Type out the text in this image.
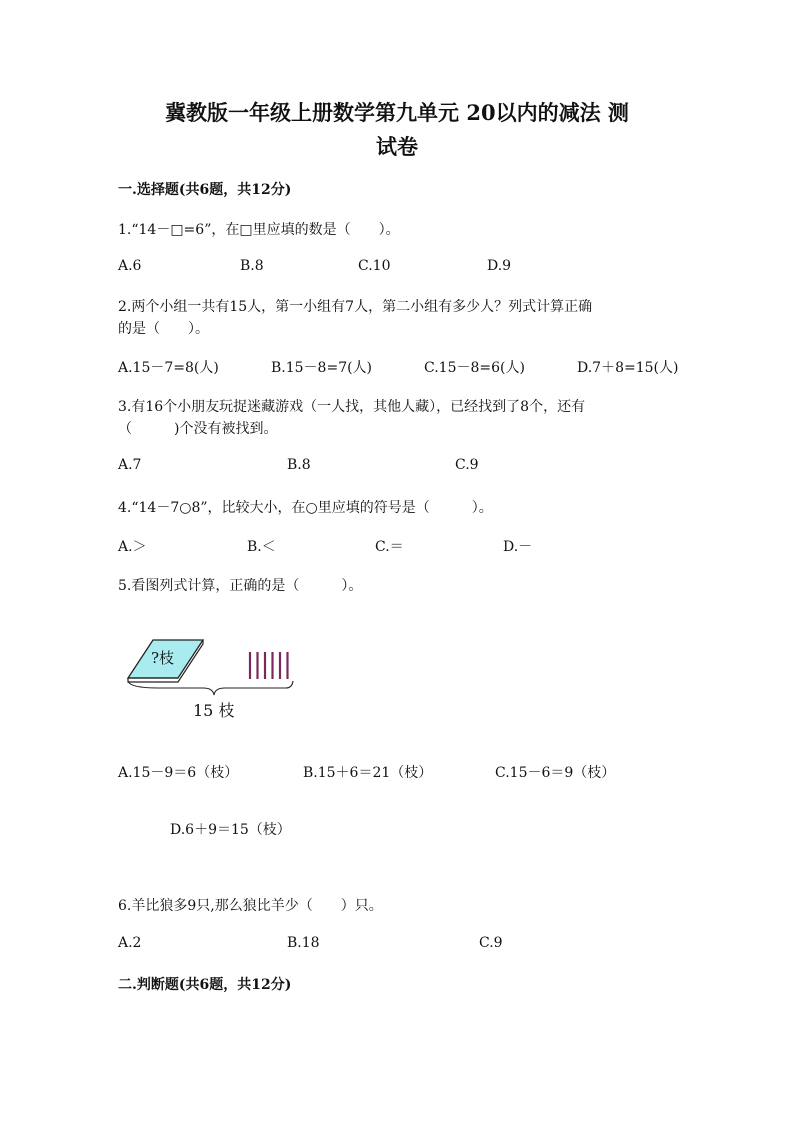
冀教版一年级上册数学第九单元 20以内的减法 测
试卷
一.选择题(共6题，共12分)
1.“14－□=6”，在□里应填的数是（　　）。
A.6	B.8	C.10	D.9
2.两个小组一共有15人，第一小组有7人，第二小组有多少人？列式计算正确
的是（　　）。
A.15－7=8(人)	B.15－8=7(人)	C.15－8=6(人)	D.7＋8=15(人)
3.有16个小朋友玩捉迷藏游戏（一人找，其他人藏），已经找到了8个，还有
（　　　)个没有被找到。
A.7	B.8	C.9
4.“14－7○8”，比较大小，在○里应填的符号是（　　　）。
A.＞	B.＜	C.＝	D.－
5.看图列式计算，正确的是（　　　）。
?枝
15 枝
A.15－9＝6（枝）	B.15＋6＝21（枝）	C.15－6＝9（枝）
D.6＋9＝15（枝）
6.羊比狼多9只,那么狼比羊少（　　）只。
A.2	B.18	C.9
二.判断题(共6题，共12分)
